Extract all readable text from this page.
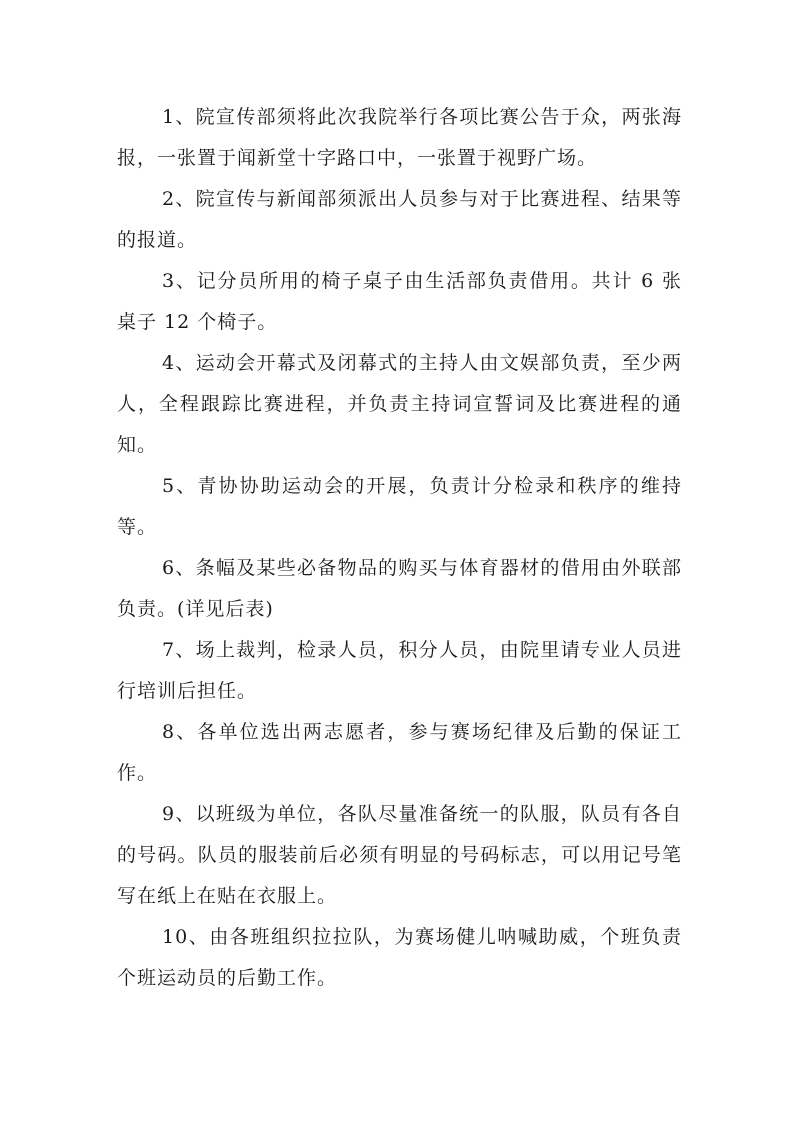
1、院宣传部须将此次我院举行各项比赛公告于众，两张海报，一张置于闻新堂十字路口中，一张置于视野广场。

2、院宣传与新闻部须派出人员参与对于比赛进程、结果等的报道。

3、记分员所用的椅子桌子由生活部负责借用。共计 6 张桌子 12 个椅子。

4、运动会开幕式及闭幕式的主持人由文娱部负责，至少两人，全程跟踪比赛进程，并负责主持词宣誓词及比赛进程的通知。

5、青协协助运动会的开展，负责计分检录和秩序的维持等。

6、条幅及某些必备物品的购买与体育器材的借用由外联部负责。(详见后表)

7、场上裁判，检录人员，积分人员，由院里请专业人员进行培训后担任。

8、各单位选出两志愿者，参与赛场纪律及后勤的保证工作。

9、以班级为单位，各队尽量准备统一的队服，队员有各自的号码。队员的服装前后必须有明显的号码标志，可以用记号笔写在纸上在贴在衣服上。

10、由各班组织拉拉队，为赛场健儿呐喊助威，个班负责个班运动员的后勤工作。
